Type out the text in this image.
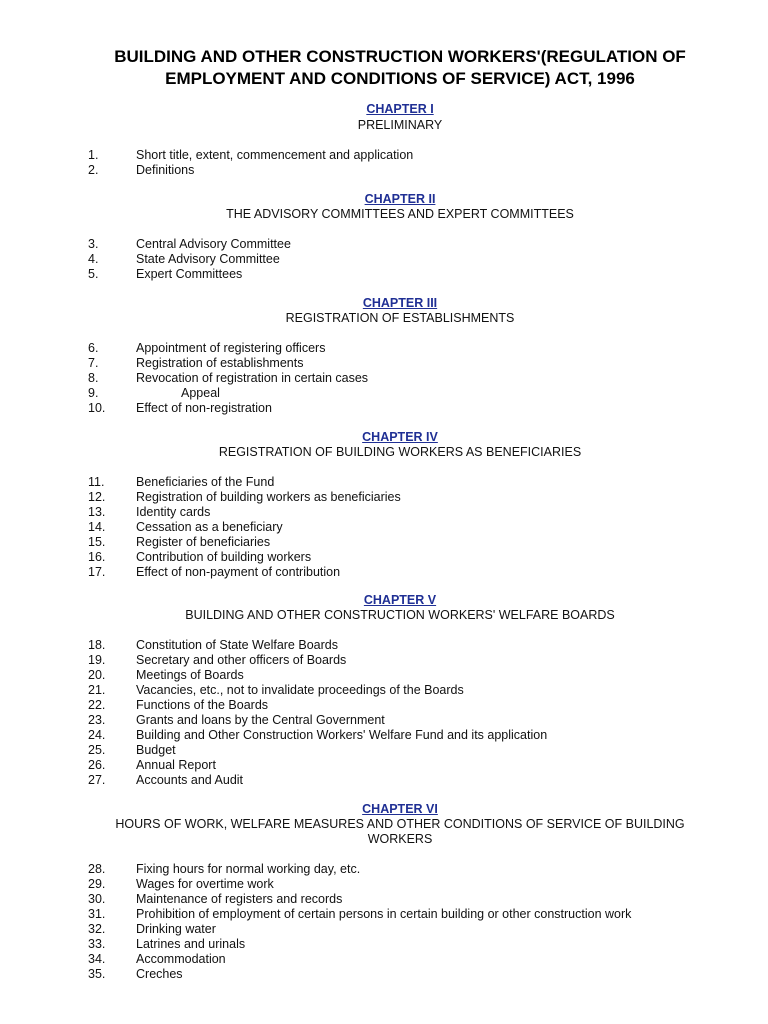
BUILDING AND OTHER CONSTRUCTION WORKERS'(REGULATION OF
EMPLOYMENT AND CONDITIONS OF SERVICE) ACT, 1996
CHAPTER I
PRELIMINARY
1.	Short title, extent, commencement and application
2.	Definitions
CHAPTER II
THE ADVISORY COMMITTEES AND EXPERT COMMITTEES
3.	Central Advisory Committee
4.	State Advisory Committee
5.	Expert Committees
CHAPTER III
REGISTRATION OF ESTABLISHMENTS
6.	Appointment of registering officers
7.	Registration of establishments
8.	Revocation of registration in certain cases
9.	Appeal
10. Effect of non-registration
CHAPTER IV
REGISTRATION OF BUILDING WORKERS AS BENEFICIARIES
11.	Beneficiaries of the Fund
12. Registration of building workers as beneficiaries
13. Identity cards
14. Cessation as a beneficiary
15. Register of beneficiaries
16. Contribution of building workers
17. Effect of non-payment of contribution
CHAPTER V
BUILDING AND OTHER CONSTRUCTION WORKERS' WELFARE BOARDS
18. Constitution of State Welfare Boards
19. Secretary and other officers of Boards
20. Meetings of Boards
21. Vacancies, etc., not to invalidate proceedings of the Boards
22. Functions of the Boards
23. Grants and loans by the Central Government
24. Building and Other Construction Workers' Welfare Fund and its application
25. Budget
26. Annual Report
27. Accounts and Audit
CHAPTER VI
HOURS OF WORK, WELFARE MEASURES AND OTHER CONDITIONS OF SERVICE OF BUILDING
WORKERS
28. Fixing hours for normal working day, etc.
29. Wages for overtime work
30. Maintenance of registers and records
31. Prohibition of employment of certain persons in certain building or other construction work
32. Drinking water
33. Latrines and urinals
34. Accommodation
35. Creches
